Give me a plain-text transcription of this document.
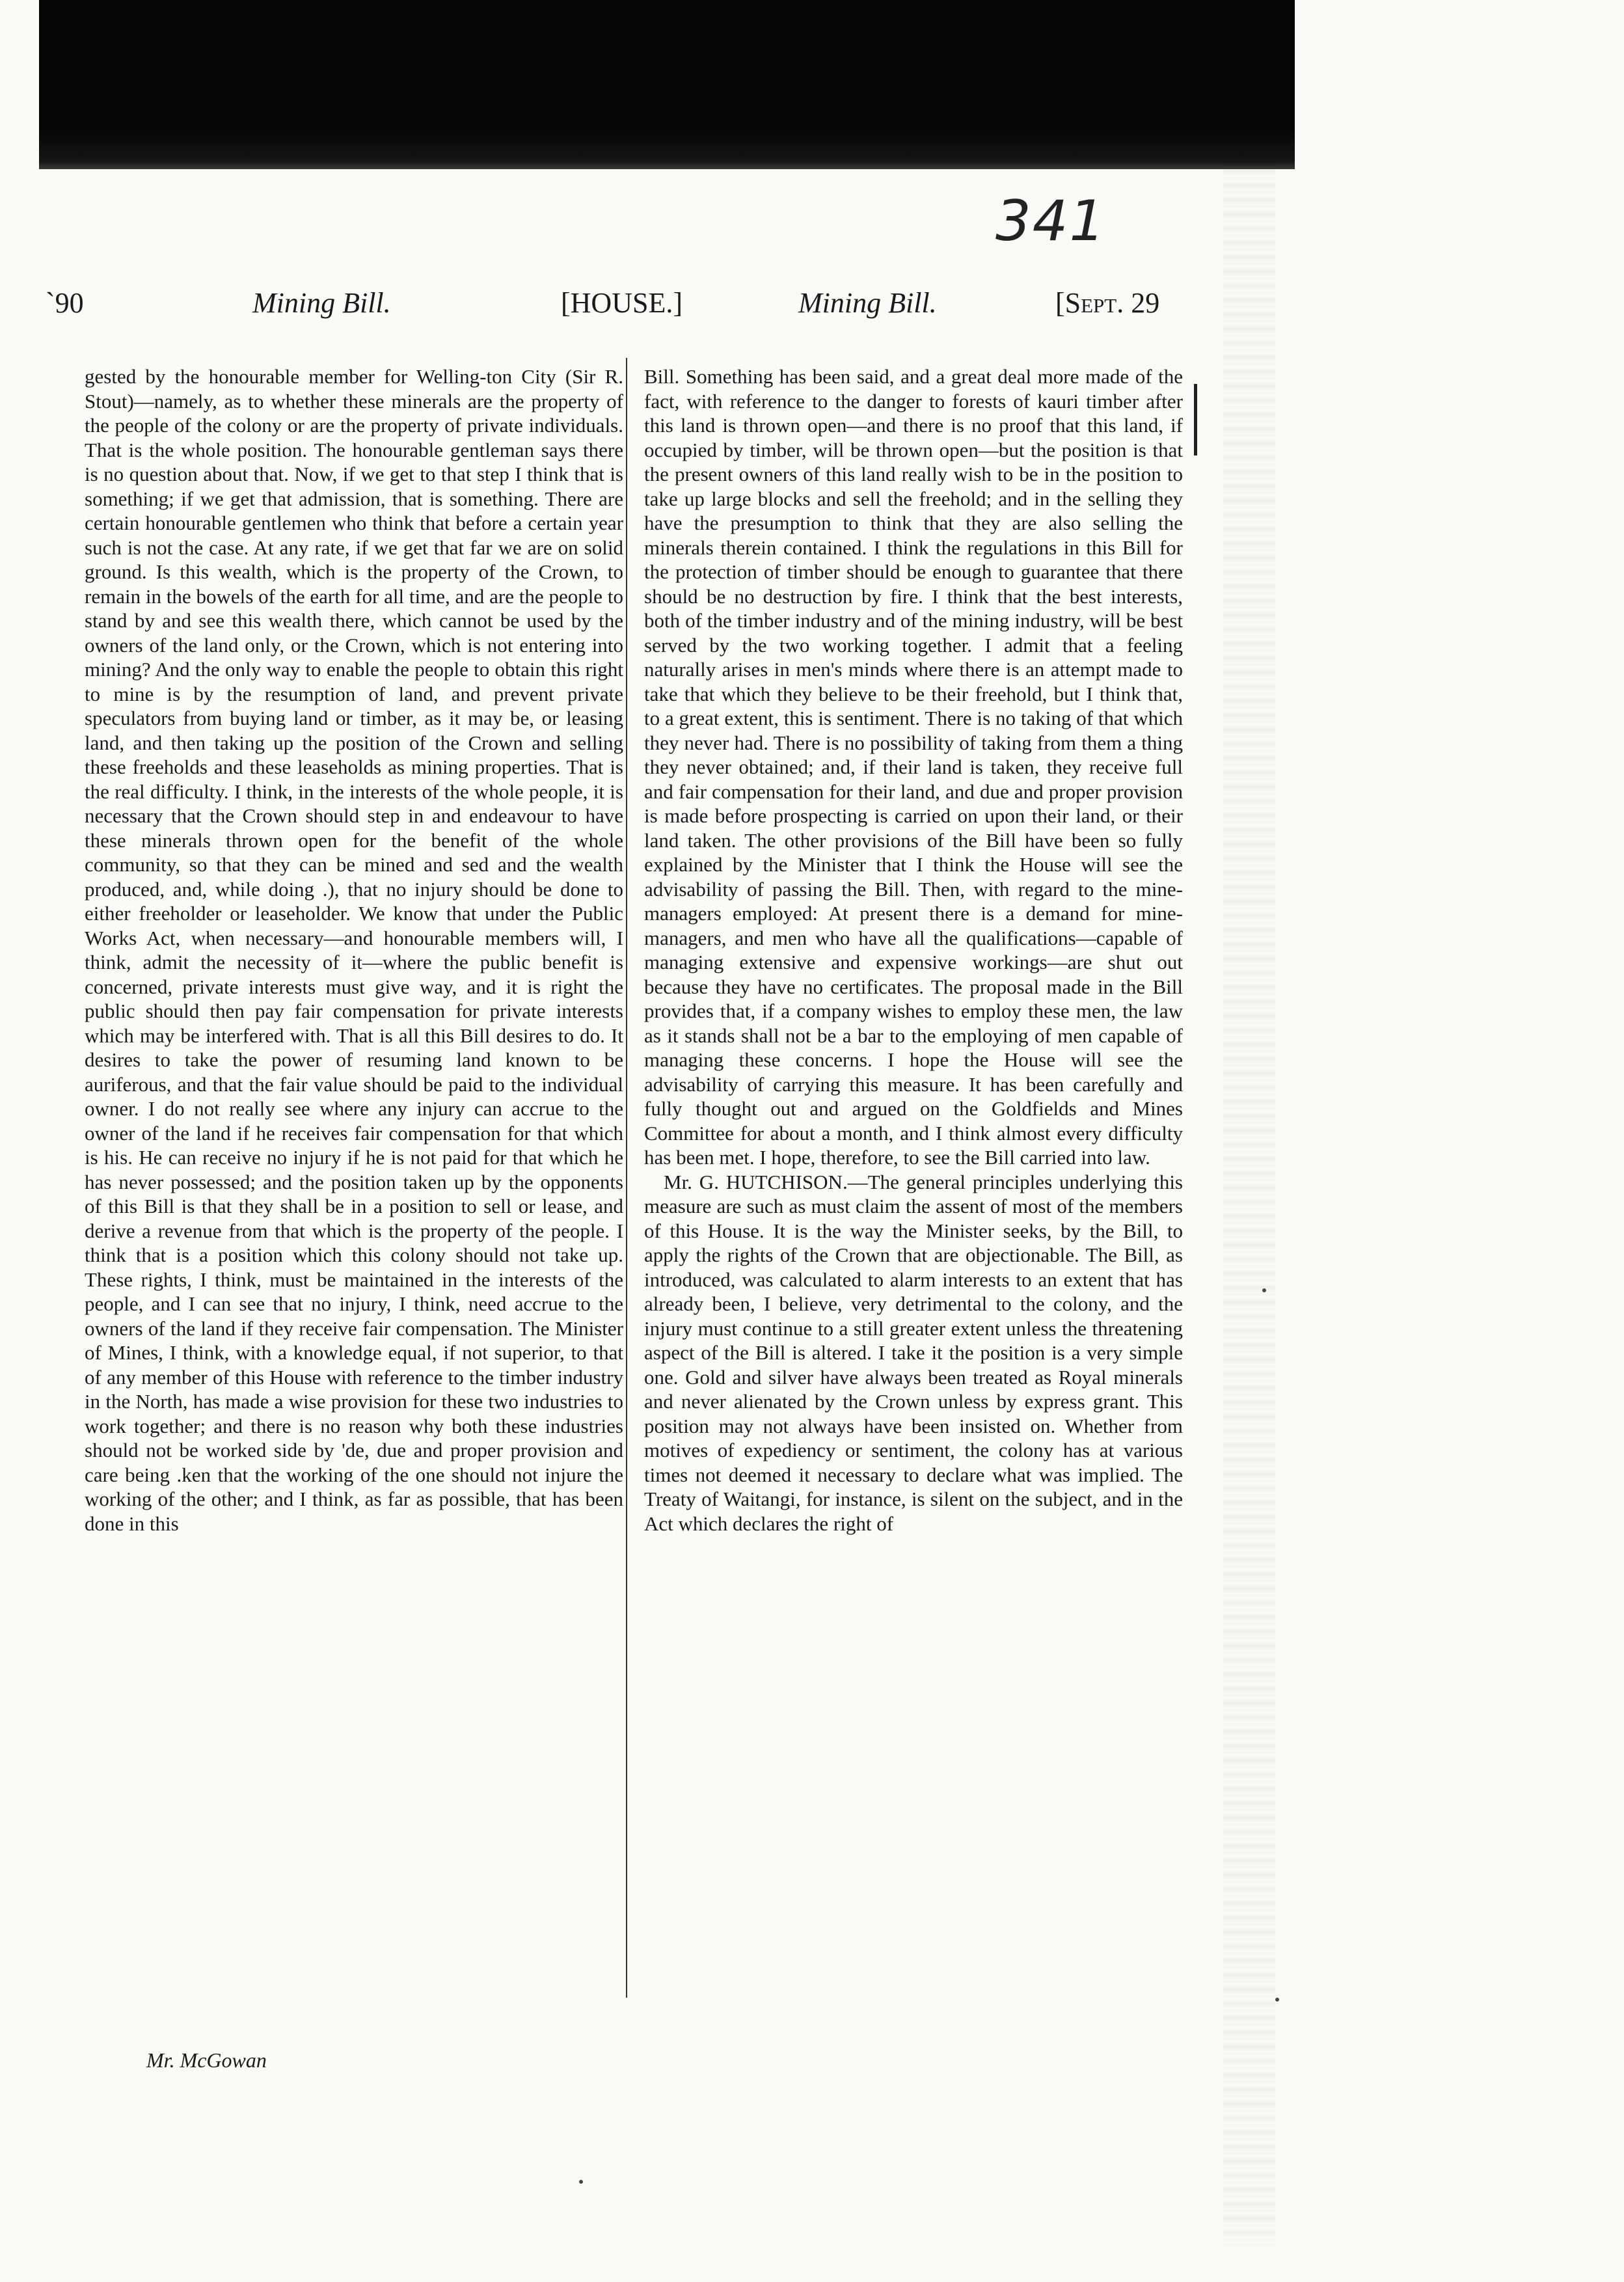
341
`90	Mining Bill.	[HOUSE.]	Mining Bill.	[Sept. 29

gested by the honourable member for Welling-ton City (Sir R. Stout)—namely, as to whether these minerals are the property of the people of the colony or are the property of private individuals. That is the whole position. The honourable gentleman says there is no question about that. Now, if we get to that step I think that is something; if we get that admission, that is something. There are certain honourable gentlemen who think that before a certain year such is not the case. At any rate, if we get that far we are on solid ground. Is this wealth, which is the property of the Crown, to remain in the bowels of the earth for all time, and are the people to stand by and see this wealth there, which cannot be used by the owners of the land only, or the Crown, which is not entering into mining? And the only way to enable the people to obtain this right to mine is by the resumption of land, and prevent private speculators from buying land or timber, as it may be, or leasing land, and then taking up the position of the Crown and selling these freeholds and these leaseholds as mining properties. That is the real difficulty. I think, in the interests of the whole people, it is necessary that the Crown should step in and endeavour to have these minerals thrown open for the benefit of the whole community, so that they can be mined and sed and the wealth produced, and, while doing .), that no injury should be done to either freeholder or leaseholder. We know that under the Public Works Act, when necessary—and honourable members will, I think, admit the necessity of it—where the public benefit is concerned, private interests must give way, and it is right the public should then pay fair compensation for private interests which may be interfered with. That is all this Bill desires to do. It desires to take the power of resuming land known to be auriferous, and that the fair value should be paid to the individual owner. I do not really see where any injury can accrue to the owner of the land if he receives fair compensation for that which is his. He can receive no injury if he is not paid for that which he has never possessed; and the position taken up by the opponents of this Bill is that they shall be in a position to sell or lease, and derive a revenue from that which is the property of the people. I think that is a position which this colony should not take up. These rights, I think, must be maintained in the interests of the people, and I can see that no injury, I think, need accrue to the owners of the land if they receive fair compensation. The Minister of Mines, I think, with a knowledge equal, if not superior, to that of any member of this House with reference to the timber industry in the North, has made a wise provision for these two industries to work together; and there is no reason why both these industries should not be worked side by 'de, due and proper provision and care being .ken that the working of the one should not injure the working of the other; and I think, as far as possible, that has been done in this

Bill. Something has been said, and a great deal more made of the fact, with reference to the danger to forests of kauri timber after this land is thrown open—and there is no proof that this land, if occupied by timber, will be thrown open—but the position is that the present owners of this land really wish to be in the position to take up large blocks and sell the freehold; and in the selling they have the presumption to think that they are also selling the minerals therein contained. I think the regulations in this Bill for the protection of timber should be enough to guarantee that there should be no destruction by fire. I think that the best interests, both of the timber industry and of the mining industry, will be best served by the two working together. I admit that a feeling naturally arises in men's minds where there is an attempt made to take that which they believe to be their freehold, but I think that, to a great extent, this is sentiment. There is no taking of that which they never had. There is no possibility of taking from them a thing they never obtained; and, if their land is taken, they receive full and fair compensation for their land, and due and proper provision is made before prospecting is carried on upon their land, or their land taken. The other provisions of the Bill have been so fully explained by the Minister that I think the House will see the advisability of passing the Bill. Then, with regard to the mine-managers employed: At present there is a demand for mine-managers, and men who have all the qualifications—capable of managing extensive and expensive workings—are shut out because they have no certificates. The proposal made in the Bill provides that, if a company wishes to employ these men, the law as it stands shall not be a bar to the employing of men capable of managing these concerns. I hope the House will see the advisability of carrying this measure. It has been carefully and fully thought out and argued on the Goldfields and Mines Committee for about a month, and I think almost every difficulty has been met. I hope, therefore, to see the Bill carried into law.

Mr. G. HUTCHISON.—The general principles underlying this measure are such as must claim the assent of most of the members of this House. It is the way the Minister seeks, by the Bill, to apply the rights of the Crown that are objectionable. The Bill, as introduced, was calculated to alarm interests to an extent that has already been, I believe, very detrimental to the colony, and the injury must continue to a still greater extent unless the threatening aspect of the Bill is altered. I take it the position is a very simple one. Gold and silver have always been treated as Royal minerals and never alienated by the Crown unless by express grant. This position may not always have been insisted on. Whether from motives of expediency or sentiment, the colony has at various times not deemed it necessary to declare what was implied. The Treaty of Waitangi, for instance, is silent on the subject, and in the Act which declares the right of

Mr. McGowan
